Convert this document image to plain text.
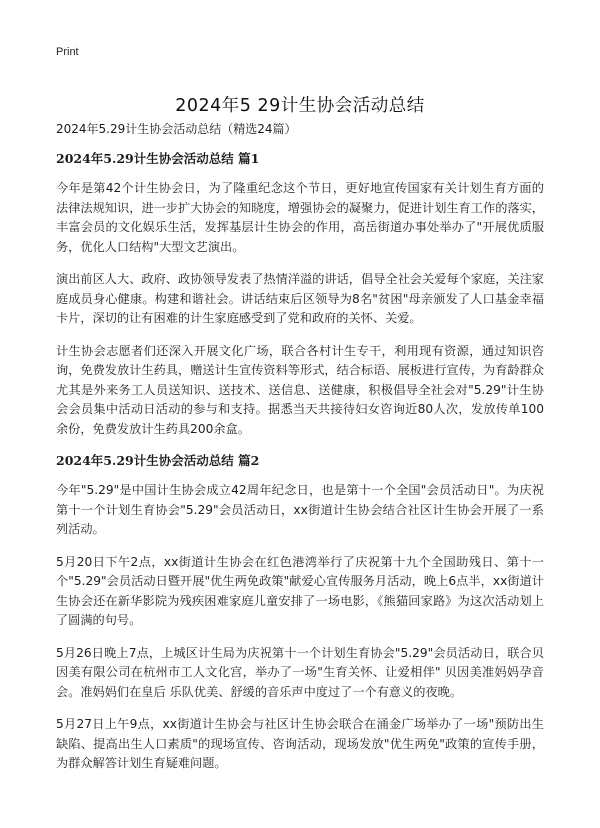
Print
2024年5 29计生协会活动总结

2024年5.29计生协会活动总结（精选24篇）

2024年5.29计生协会活动总结 篇1

今年是第42个计生协会日，为了隆重纪念这个节日，更好地宣传国家有关计划生育方面的法律法规知识，进一步扩大协会的知晓度，增强协会的凝聚力，促进计划生育工作的落实，丰富会员的文化娱乐生活，发挥基层计生协会的作用，高岳街道办事处举办了"开展优质服务，优化人口结构"大型文艺演出。

演出前区人大、政府、政协领导发表了热情洋溢的讲话，倡导全社会关爱每个家庭，关注家庭成员身心健康。构建和谐社会。讲话结束后区领导为8名"贫困"母亲颁发了人口基金幸福卡片，深切的让有困难的计生家庭感受到了党和政府的关怀、关爱。

计生协会志愿者们还深入开展文化广场，联合各村计生专干，利用现有资源，通过知识咨询，免费发放计生药具，赠送计生宣传资料等形式，结合标语、展板进行宣传，为育龄群众尤其是外来务工人员送知识、送技术、送信息、送健康，积极倡导全社会对"5.29"计生协会会员集中活动日活动的参与和支持。据悉当天共接待妇女咨询近80人次，发放传单100余份，免费发放计生药具200余盒。

2024年5.29计生协会活动总结 篇2

今年"5.29"是中国计生协会成立42周年纪念日，也是第十一个全国"会员活动日"。为庆祝第十一个计划生育协会"5.29"会员活动日，xx街道计生协会结合社区计生协会开展了一系列活动。

5月20日下午2点，xx街道计生协会在红色港湾举行了庆祝第十九个全国助残日、第十一个"5.29"会员活动日暨开展"优生两免政策"献爱心宣传服务月活动，晚上6点半，xx街道计生协会还在新华影院为残疾困难家庭儿童安排了一场电影，《熊猫回家路》为这次活动划上了圆满的句号。

5月26日晚上7点，上城区计生局为庆祝第十一个计划生育协会"5.29"会员活动日，联合贝因美有限公司在杭州市工人文化宫，举办了一场"生育关怀、让爱相伴" 贝因美准妈妈孕音会。准妈妈们在皇后 乐队优美、舒缓的音乐声中度过了一个有意义的夜晚。

5月27日上午9点，xx街道计生协会与社区计生协会联合在涌金广场举办了一场"预防出生缺陷、提高出生人口素质"的现场宣传、咨询活动，现场发放"优生两免"政策的宣传手册，为群众解答计划生育疑难问题。
